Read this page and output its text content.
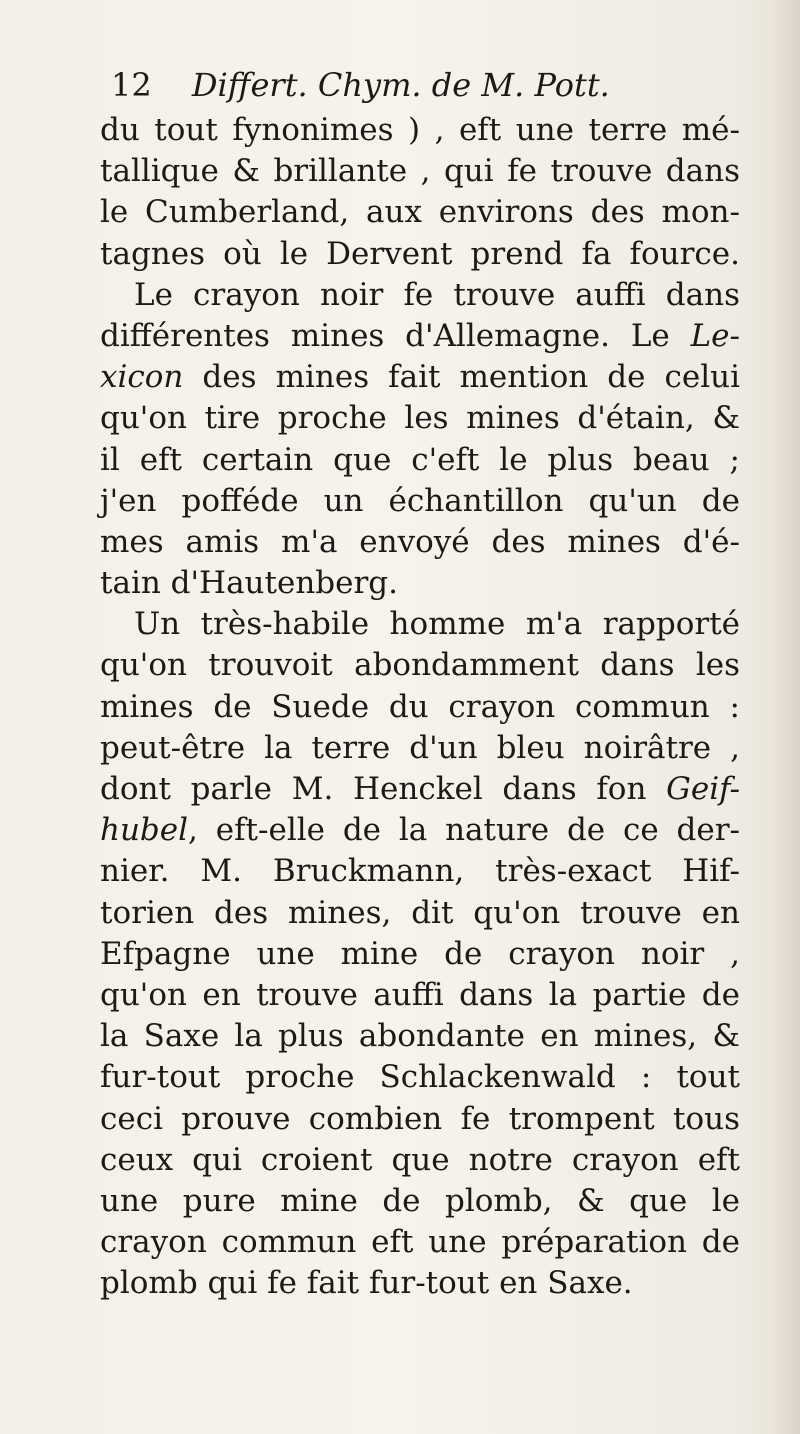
12 Differt. Chym. de M. Pott.
du tout fynonimes ) , eft une terre mé-
tallique & brillante , qui fe trouve dans
le Cumberland, aux environs des mon-
tagnes où le Dervent prend fa fource.
Le crayon noir fe trouve auffi dans
différentes mines d'Allemagne. Le Le-
xicon des mines fait mention de celui
qu'on tire proche les mines d'étain, &
il eft certain que c'eft le plus beau ;
j'en pofféde un échantillon qu'un de
mes amis m'a envoyé des mines d'é-
tain d'Hautenberg.
Un très-habile homme m'a rapporté
qu'on trouvoit abondamment dans les
mines de Suede du crayon commun :
peut-être la terre d'un bleu noirâtre ,
dont parle M. Henckel dans fon Geif-
hubel, eft-elle de la nature de ce der-
nier. M. Bruckmann, très-exact Hif-
torien des mines, dit qu'on trouve en
Efpagne une mine de crayon noir ,
qu'on en trouve auffi dans la partie de
la Saxe la plus abondante en mines, &
fur-tout proche Schlackenwald : tout
ceci prouve combien fe trompent tous
ceux qui croient que notre crayon eft
une pure mine de plomb, & que le
crayon commun eft une préparation de
plomb qui fe fait fur-tout en Saxe.
